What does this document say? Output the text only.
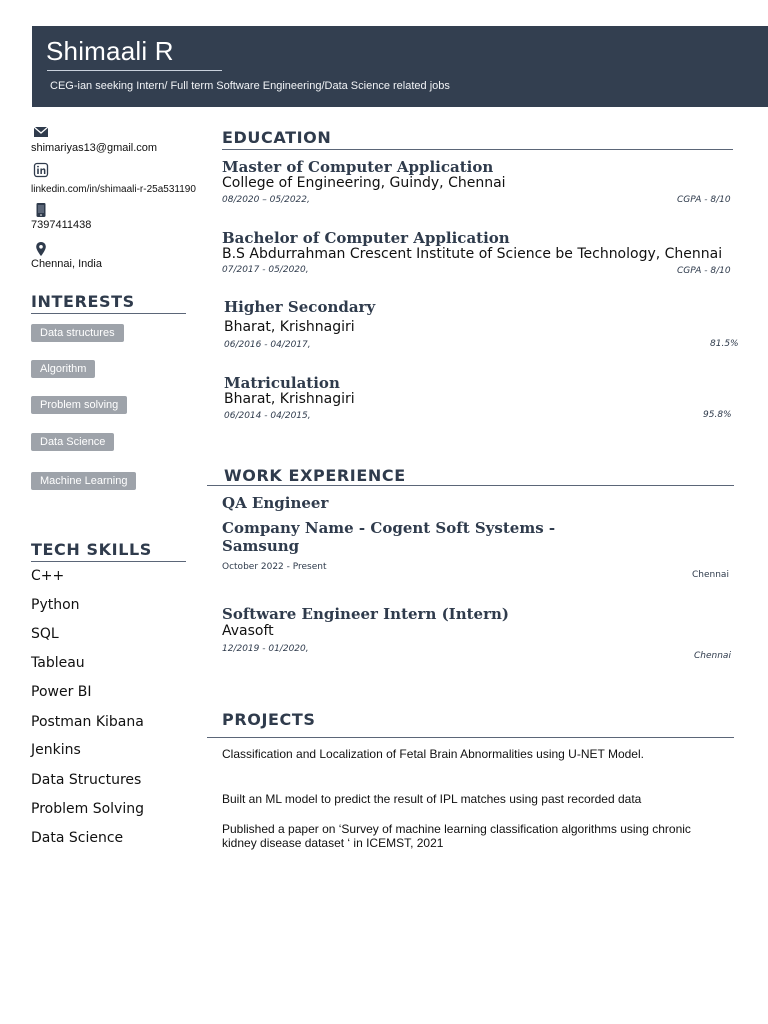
Shimaali R
CEG-ian seeking Intern/ Full term Software Engineering/Data Science related jobs
shimariyas13@gmail.com
linkedin.com/in/shimaali-r-25a531190
7397411438
Chennai, India
INTERESTS
Data structures
Algorithm
Problem solving
Data Science
Machine Learning
TECH SKILLS
C++
Python
SQL
Tableau
Power BI
Postman Kibana
Jenkins
Data Structures
Problem Solving
Data Science
EDUCATION
Master of Computer Application
College of Engineering, Guindy, Chennai
08/2020 – 05/2022,	CGPA - 8/10
Bachelor of Computer Application
B.S Abdurrahman Crescent Institute of Science be Technology, Chennai
07/2017 - 05/2020,	CGPA - 8/10
Higher Secondary
Bharat, Krishnagiri
06/2016 - 04/2017,	81.5%
Matriculation
Bharat, Krishnagiri
06/2014 - 04/2015,	95.8%
WORK EXPERIENCE
QA Engineer
Company Name - Cogent Soft Systems -
Samsung
October 2022 - Present
Chennai
Software Engineer Intern (Intern)
Avasoft
12/2019 - 01/2020,
Chennai
PROJECTS
Classification and Localization of Fetal Brain Abnormalities using U-NET Model.
Built an ML model to predict the result of IPL matches using past recorded data
Published a paper on ‘Survey of machine learning classification algorithms using chronic kidney disease dataset ‘ in ICEMST, 2021
